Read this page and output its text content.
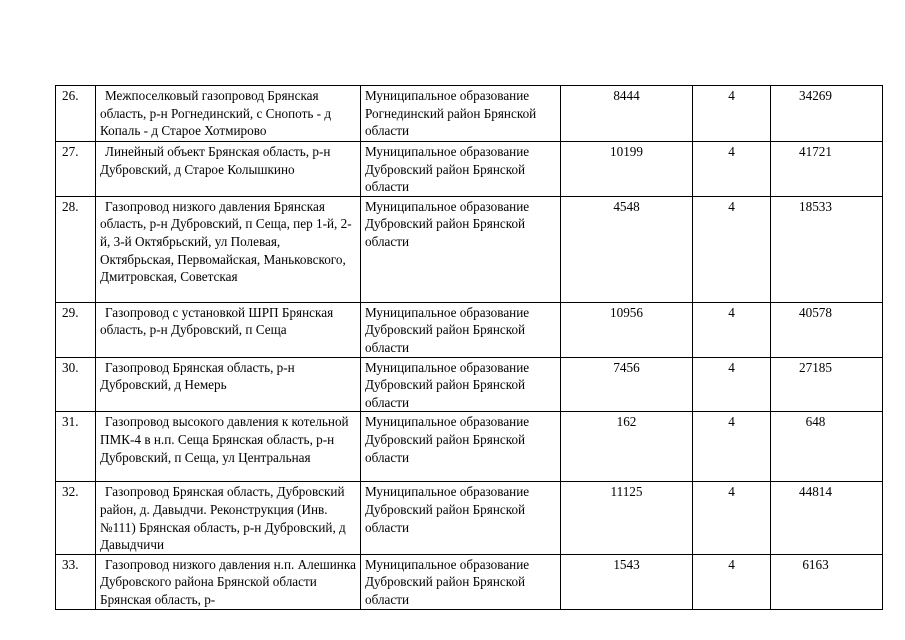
26.	Межпоселковый газопровод Брянская область, р-н Рогнединский, с Снопоть - д Копаль - д Старое Хотмирово	Муниципальное образование Рогнединский район Брянской области	8444	4	34269
27.	Линейный объект Брянская область, р-н Дубровский, д Старое Колышкино	Муниципальное образование Дубровский район Брянской области	10199	4	41721
28.	Газопровод низкого давления Брянская область, р-н Дубровский, п Сеща, пер 1-й, 2-й, 3-й Октябрьский, ул Полевая, Октябрьская, Первомайская, Маньковского, Дмитровская, Советская	Муниципальное образование Дубровский район Брянской области	4548	4	18533
29.	Газопровод с установкой ШРП Брянская область, р-н Дубровский, п Сеща	Муниципальное образование Дубровский район Брянской области	10956	4	40578
30.	Газопровод Брянская область, р-н Дубровский, д Немерь	Муниципальное образование Дубровский район Брянской области	7456	4	27185
31.	Газопровод высокого давления к котельной ПМК-4 в н.п. Сеща Брянская область, р-н Дубровский, п Сеща, ул Центральная	Муниципальное образование Дубровский район Брянской области	162	4	648
32.	Газопровод Брянская область, Дубровский район, д. Давыдчи. Реконструкция (Инв. №111) Брянская область, р-н Дубровский, д Давыдчичи	Муниципальное образование Дубровский район Брянской области	11125	4	44814
33.	Газопровод низкого давления н.п. Алешинка Дубровского района Брянской области Брянская область, р-	Муниципальное образование Дубровский район Брянской области	1543	4	6163
